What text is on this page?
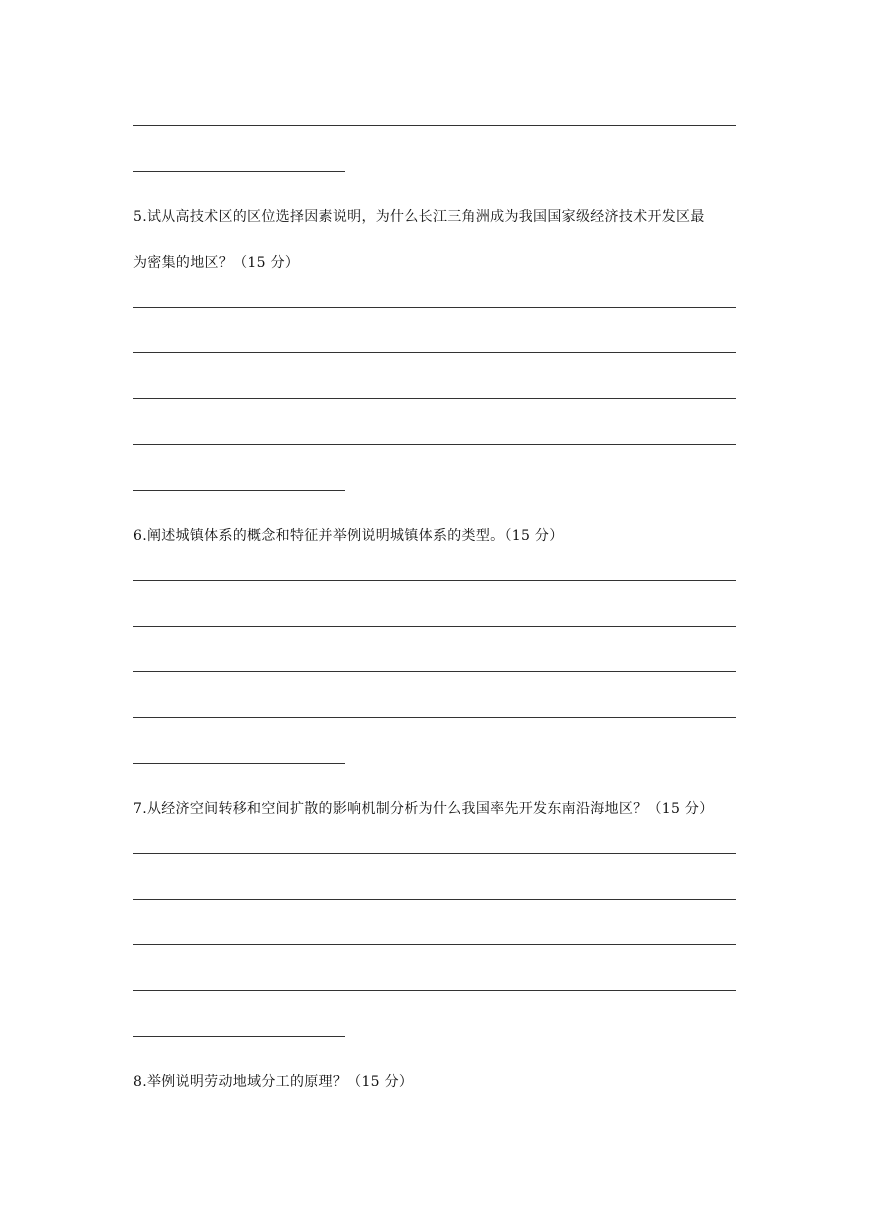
5.试从高技术区的区位选择因素说明，为什么长江三角洲成为我国国家级经济技术开发区最
为密集的地区？（15 分）
6.阐述城镇体系的概念和特征并举例说明城镇体系的类型。（15 分）
7.从经济空间转移和空间扩散的影响机制分析为什么我国率先开发东南沿海地区？（15 分）
8.举例说明劳动地域分工的原理？（15 分）
